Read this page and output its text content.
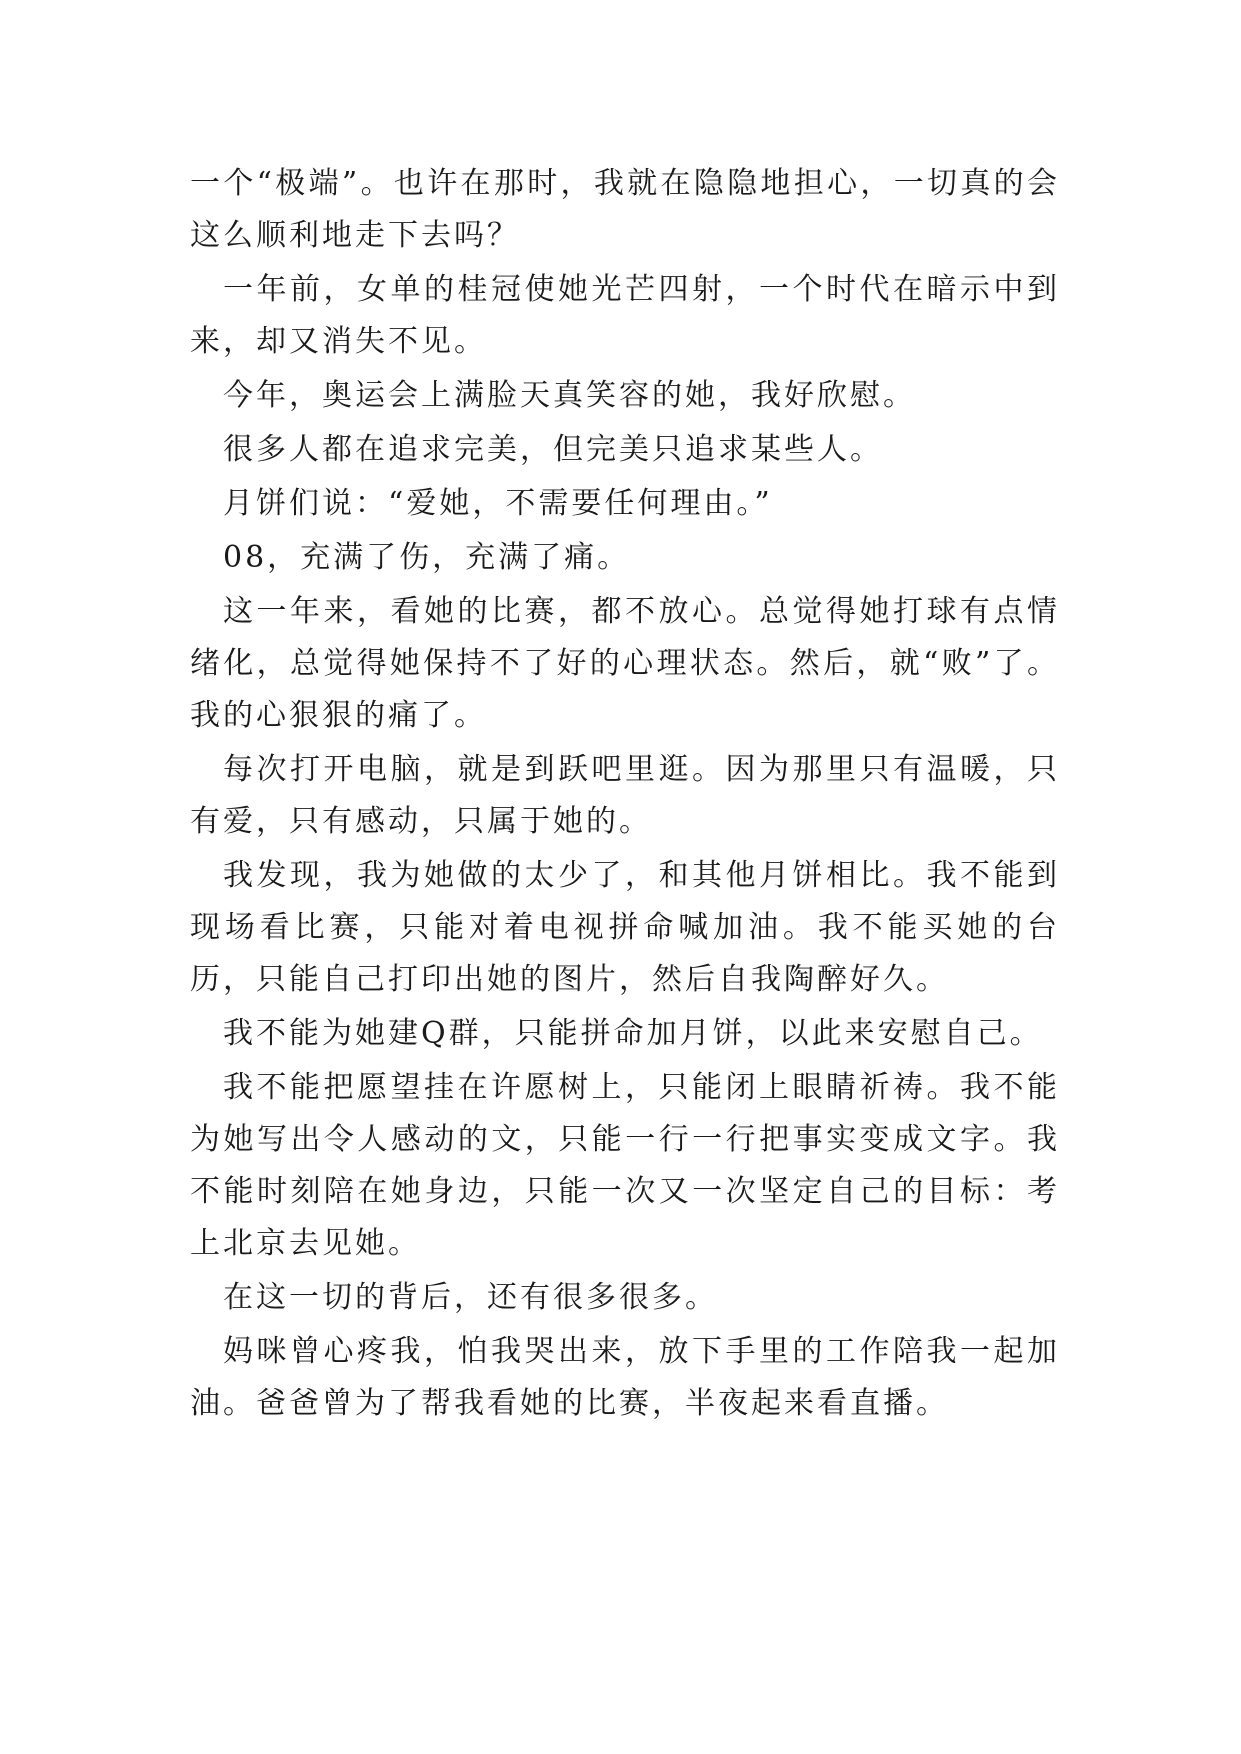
一个“极端”。也许在那时，我就在隐隐地担心，一切真的会这么顺利地走下去吗？

一年前，女单的桂冠使她光芒四射，一个时代在暗示中到来，却又消失不见。

今年，奥运会上满脸天真笑容的她，我好欣慰。

很多人都在追求完美，但完美只追求某些人。

月饼们说：“爱她，不需要任何理由。”

08，充满了伤，充满了痛。

这一年来，看她的比赛，都不放心。总觉得她打球有点情绪化，总觉得她保持不了好的心理状态。然后，就“败”了。我的心狠狠的痛了。

每次打开电脑，就是到跃吧里逛。因为那里只有温暖，只有爱，只有感动，只属于她的。

我发现，我为她做的太少了，和其他月饼相比。我不能到现场看比赛，只能对着电视拼命喊加油。我不能买她的台历，只能自己打印出她的图片，然后自我陶醉好久。

我不能为她建Q群，只能拼命加月饼，以此来安慰自己。

我不能把愿望挂在许愿树上，只能闭上眼睛祈祷。我不能为她写出令人感动的文，只能一行一行把事实变成文字。我不能时刻陪在她身边，只能一次又一次坚定自己的目标：考上北京去见她。

在这一切的背后，还有很多很多。

妈咪曾心疼我，怕我哭出来，放下手里的工作陪我一起加油。爸爸曾为了帮我看她的比赛，半夜起来看直播。
